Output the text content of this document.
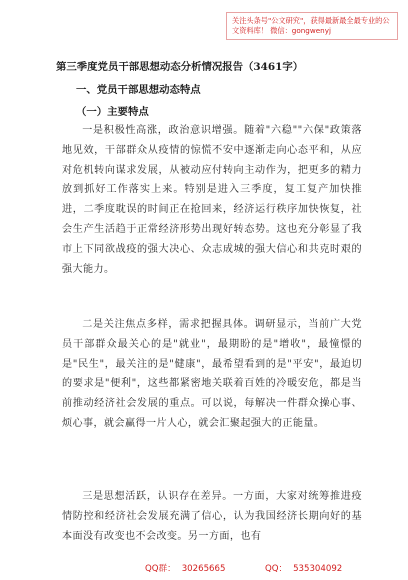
关注头条号"公文研究"，获得最新最全最专业的公文资料库！ 微信：gongwenyj
第三季度党员干部思想动态分析情况报告（3461字）
一、党员干部思想动态特点
（一）主要特点
一是积极性高涨，政治意识增强。随着"六稳""六保"政策落地见效，干部群众从疫情的惊慌不安中逐渐走向心态平和，从应对危机转向谋求发展，从被动应付转向主动作为，把更多的精力放到抓好工作落实上来。特别是进入三季度，复工复产加快推进，二季度耽误的时间正在抢回来，经济运行秩序加快恢复，社会生产生活趋于正常经济形势出现好转态势。这也充分彰显了我市上下同欲战疫的强大决心、众志成城的强大信心和共克时艰的强大能力。
二是关注焦点多样，需求把握具体。调研显示，当前广大党员干部群众最关心的是"就业"，最期盼的是"增收"，最憧憬的是"民生"，最关注的是"健康"，最希望看到的是"平安"，最迫切的要求是"便利"，这些都紧密地关联着百姓的冷暖安危，都是当前推动经济社会发展的重点。可以说，每解决一件群众操心事、烦心事，就会赢得一片人心，就会汇聚起强大的正能量。
三是思想活跃，认识存在差异。一方面，大家对统筹推进疫情防控和经济社会发展充满了信心，认为我国经济长期向好的基本面没有改变也不会改变。另一方面，也有
QQ群： 30265665	QQ： 535304092
